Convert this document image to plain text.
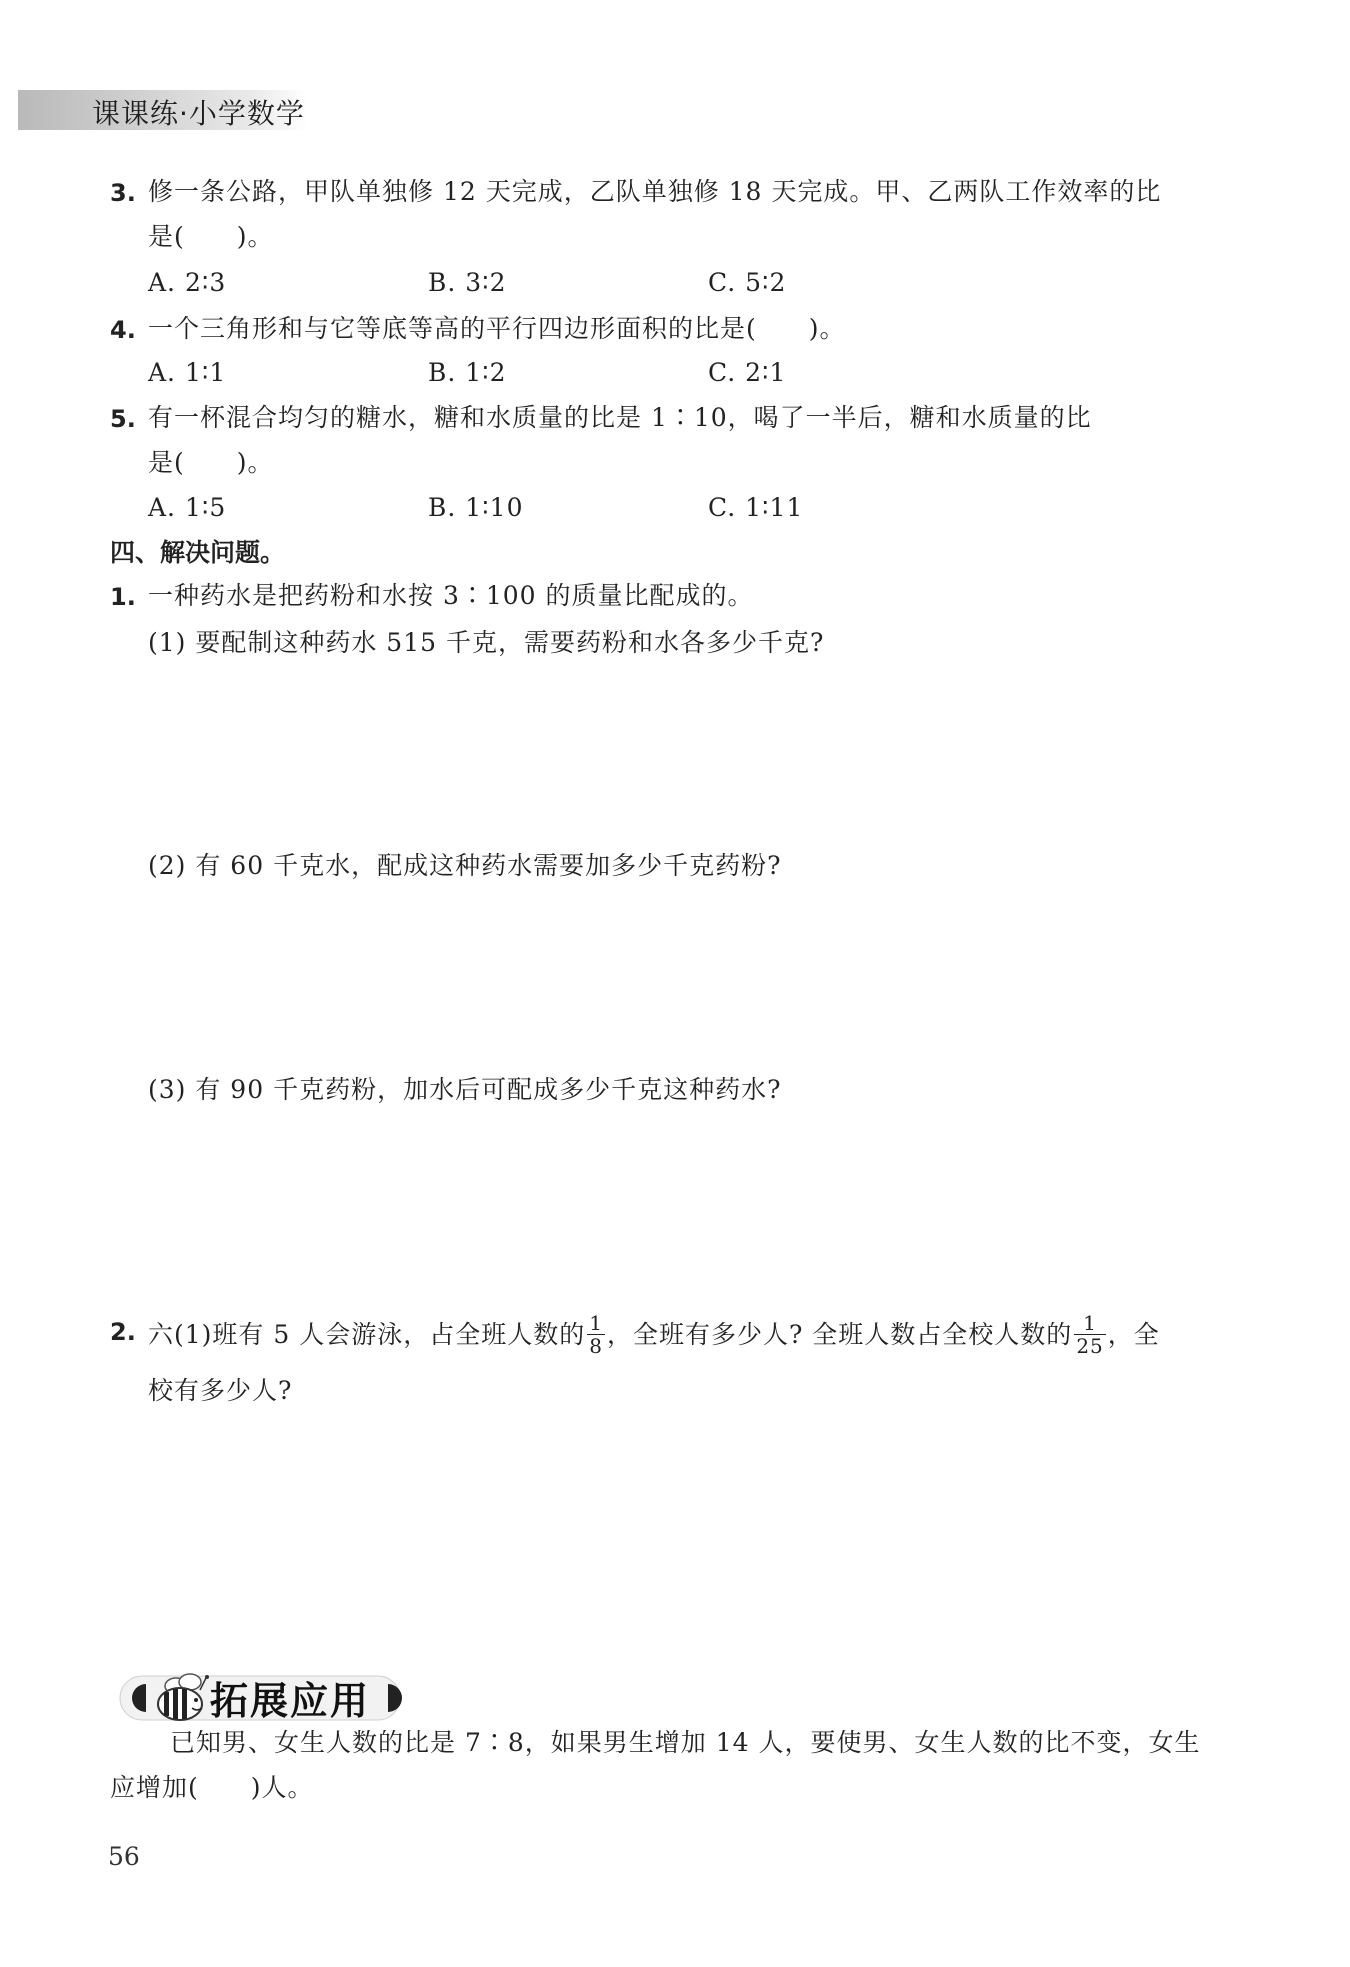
课课练·小学数学
3. 修一条公路，甲队单独修 12 天完成，乙队单独修 18 天完成。甲、乙两队工作效率的比
是(　　)。
A. 2∶3	B. 3∶2	C. 5∶2
4. 一个三角形和与它等底等高的平行四边形面积的比是(　　)。
A. 1∶1	B. 1∶2	C. 2∶1
5. 有一杯混合均匀的糖水，糖和水质量的比是 1∶10，喝了一半后，糖和水质量的比
是(　　)。
A. 1∶5	B. 1∶10	C. 1∶11
四、解决问题。
1. 一种药水是把药粉和水按 3∶100 的质量比配成的。
(1) 要配制这种药水 515 千克，需要药粉和水各多少千克?
(2) 有 60 千克水，配成这种药水需要加多少千克药粉?
(3) 有 90 千克药粉，加水后可配成多少千克这种药水?
2. 六(1)班有 5 人会游泳，占全班人数的 $\frac{1}{8}$ ，全班有多少人? 全班人数占全校人数的 $\frac{1}{25}$ ，全
校有多少人?
拓展应用
已知男、女生人数的比是 7∶8，如果男生增加 14 人，要使男、女生人数的比不变，女生
应增加(　　)人。
56
